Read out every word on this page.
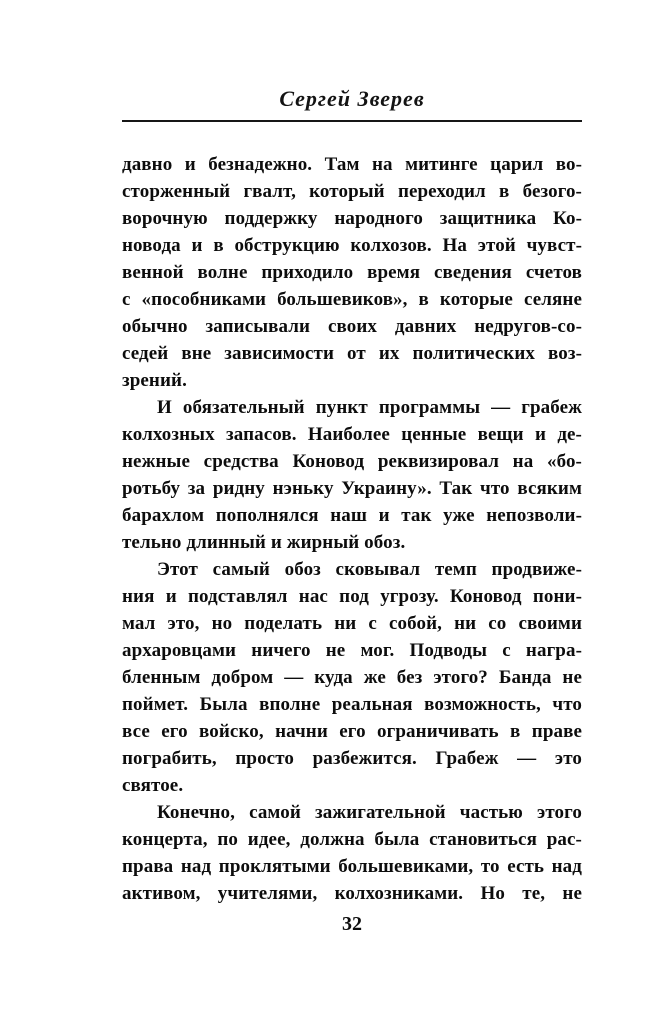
Сергей Зверев
давно и безнадежно. Там на митинге царил во-
сторженный гвалт, который переходил в безого-
ворочную поддержку народного защитника Ко-
новода и в обструкцию колхозов. На этой чувст-
венной волне приходило время сведения счетов
с «пособниками большевиков», в которые селяне
обычно записывали своих давних недругов-со-
седей вне зависимости от их политических воз-
зрений.
И обязательный пункт программы — грабеж
колхозных запасов. Наиболее ценные вещи и де-
нежные средства Коновод реквизировал на «бо-
ротьбу за ридну нэньку Украину». Так что всяким
барахлом пополнялся наш и так уже непозволи-
тельно длинный и жирный обоз.
Этот самый обоз сковывал темп продвиже-
ния и подставлял нас под угрозу. Коновод пони-
мал это, но поделать ни с собой, ни со своими
архаровцами ничего не мог. Подводы с награ-
бленным добром — куда же без этого? Банда не
поймет. Была вполне реальная возможность, что
все его войско, начни его ограничивать в праве
пограбить, просто разбежится. Грабеж — это
святое.
Конечно, самой зажигательной частью этого
концерта, по идее, должна была становиться рас-
права над проклятыми большевиками, то есть над
активом, учителями, колхозниками. Но те, не
32
